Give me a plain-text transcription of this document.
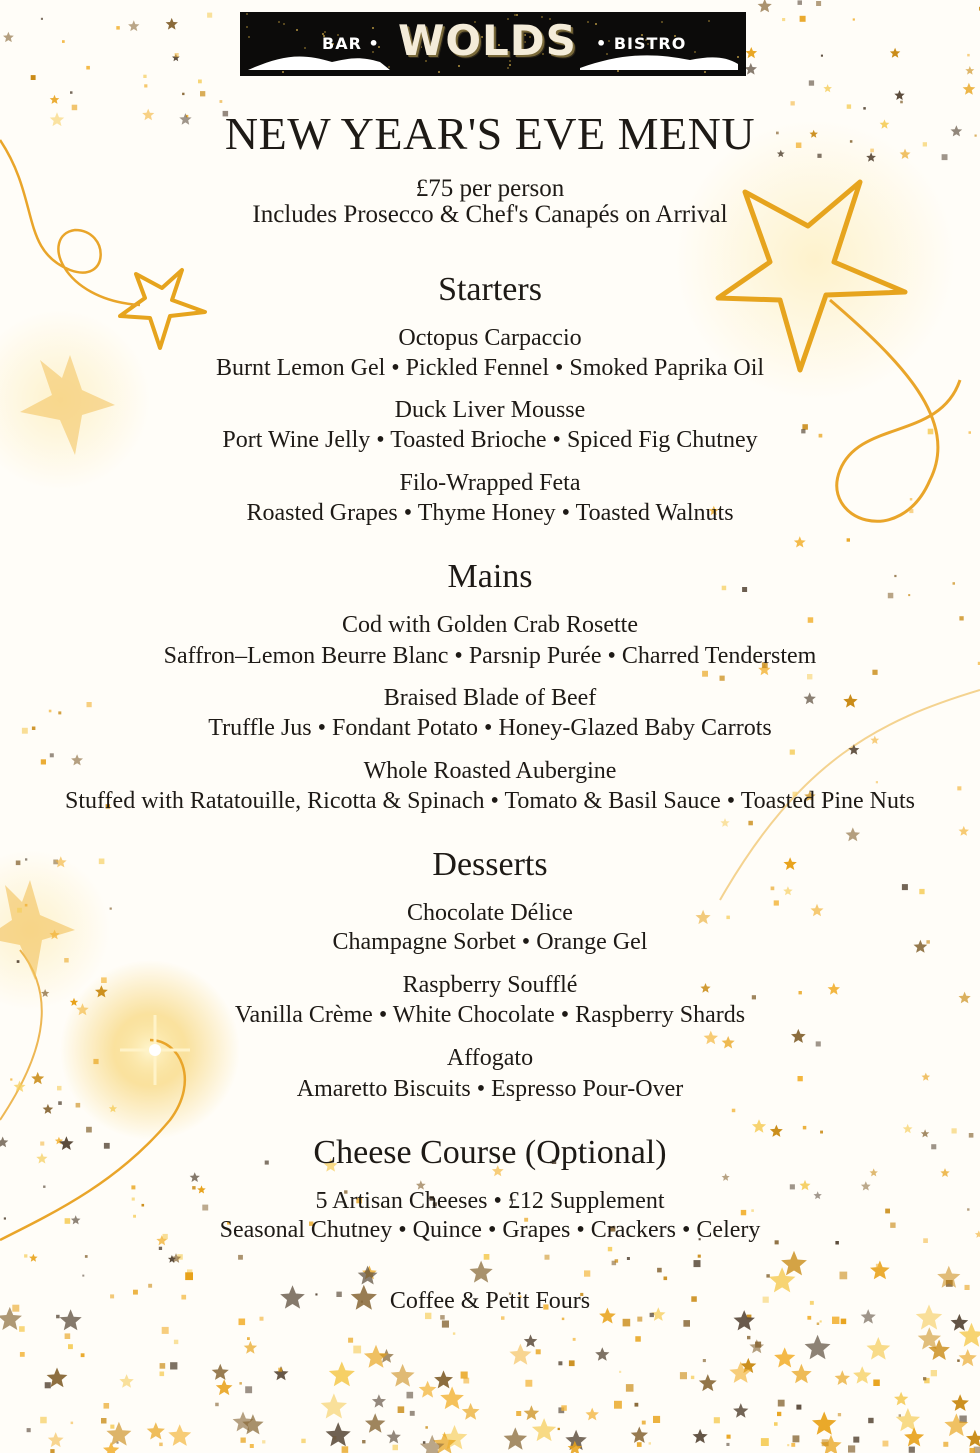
BAR • WOLDS • BISTRO
NEW YEAR'S EVE MENU
£75 per person
Includes Prosecco & Chef's Canapés on Arrival
Starters
Octopus Carpaccio
Burnt Lemon Gel • Pickled Fennel • Smoked Paprika Oil
Duck Liver Mousse
Port Wine Jelly • Toasted Brioche • Spiced Fig Chutney
Filo-Wrapped Feta
Roasted Grapes • Thyme Honey • Toasted Walnuts
Mains
Cod with Golden Crab Rosette
Saffron–Lemon Beurre Blanc • Parsnip Purée • Charred Tenderstem
Braised Blade of Beef
Truffle Jus • Fondant Potato • Honey-Glazed Baby Carrots
Whole Roasted Aubergine
Stuffed with Ratatouille, Ricotta & Spinach • Tomato & Basil Sauce • Toasted Pine Nuts
Desserts
Chocolate Délice
Champagne Sorbet • Orange Gel
Raspberry Soufflé
Vanilla Crème • White Chocolate • Raspberry Shards
Affogato
Amaretto Biscuits • Espresso Pour-Over
Cheese Course (Optional)
5 Artisan Cheeses • £12 Supplement
Seasonal Chutney • Quince • Grapes • Crackers • Celery
Coffee & Petit Fours
